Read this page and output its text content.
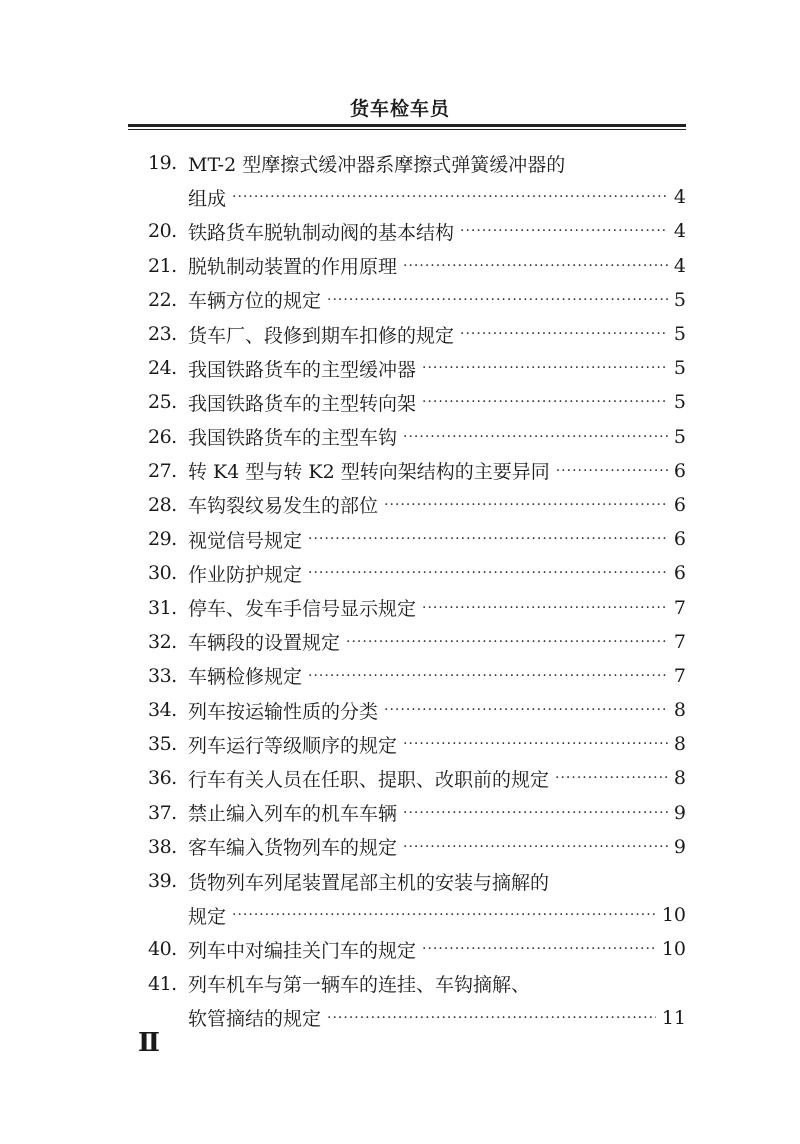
货车检车员
19. MT-2 型摩擦式缓冲器系摩擦式弹簧缓冲器的
组成 ·····	4
20. 铁路货车脱轨制动阀的基本结构 ·····	4
21. 脱轨制动装置的作用原理 ·····	4
22. 车辆方位的规定 ·····	5
23. 货车厂、段修到期车扣修的规定 ·····	5
24. 我国铁路货车的主型缓冲器 ·····	5
25. 我国铁路货车的主型转向架 ·····	5
26. 我国铁路货车的主型车钩 ·····	5
27. 转 K4 型与转 K2 型转向架结构的主要异同 ·····	6
28. 车钩裂纹易发生的部位 ·····	6
29. 视觉信号规定 ·····	6
30. 作业防护规定 ·····	6
31. 停车、发车手信号显示规定 ·····	7
32. 车辆段的设置规定 ·····	7
33. 车辆检修规定 ·····	7
34. 列车按运输性质的分类 ·····	8
35. 列车运行等级顺序的规定 ·····	8
36. 行车有关人员在任职、提职、改职前的规定 ·····	8
37. 禁止编入列车的机车车辆 ·····	9
38. 客车编入货物列车的规定 ·····	9
39. 货物列车列尾装置尾部主机的安装与摘解的
规定 ·····	10
40. 列车中对编挂关门车的规定 ·····	10
41. 列车机车与第一辆车的连挂、车钩摘解、
软管摘结的规定 ·····	11
Ⅱ
